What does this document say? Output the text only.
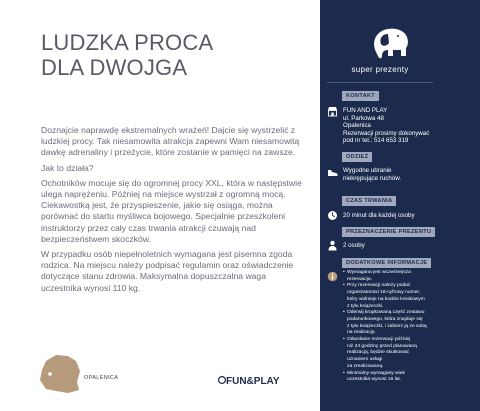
LUDZKA PROCA
DLA DWOJGA

Doznajcie naprawdę ekstremalnych wrażeń! Dajcie się wystrzelić z ludzkiej procy. Tak niesamowita atrakcja zapewni Wam niesamowitą dawkę adrenaliny i przeżycie, które zostanie w pamięci na zawsze.

Jak to działa?

Ochotników mocuje się do ogromnej procy XXL, która w następstwie ulega naprężeniu. Później na miejsce wystrzał z ogromną mocą. Ciekawostką jest, że przyspieszenie, jakie się osiąga, można porównać do startu myśliwca bojowego. Specjalnie przeszkoleni instruktorzy przez cały czas trwania atrakcji czuwają nad bezpieczeństwem skoczków.

W przypadku osób niepełnoletnich wymagana jest pisemna zgoda rodzica. Na miejscu należy podpisać regulamin oraz oświadczenie dotyczące stanu zdrowia. Maksymalna dopuszczalna waga uczestnika wynosi 110 kg.

OPALENICA	FUN&PLAY
super prezenty
KONTAKT
FUN AND PLAY
ul. Parkowa 48
Opalenica
Rezerwacji prosimy dokonywać
pod nr tel.: 514 653 319
ODZIEŻ
Wygodne ubranie
niekrępujące ruchów.
CZAS TRWANIA
20 minut dla każdej osoby
PRZEZNACZENIE PREZENTU
2 osoby
DODATKOWE INFORMACJE
• Wymagana jest wcześniejsza
rezerwacja.
• Przy rezerwacji należy podać
organizatorowi 18-cyfrowy numer,
który widnieje na kodzie kreskowym
z tyłu książeczki.
• Oderwij kropkowaną część zestawu
podarunkowego, która znajduje się
z tyłu książeczki, i zabierz ją ze sobą
na realizację.
• Odwołanie rezerwacji później
niż 24 godziny przed planowaną
realizacją, będzie skutkować
uznaniem usługi
za zrealizowaną.
• Minimalny wymagany wiek
uczestnika wynosi 16 lat.
